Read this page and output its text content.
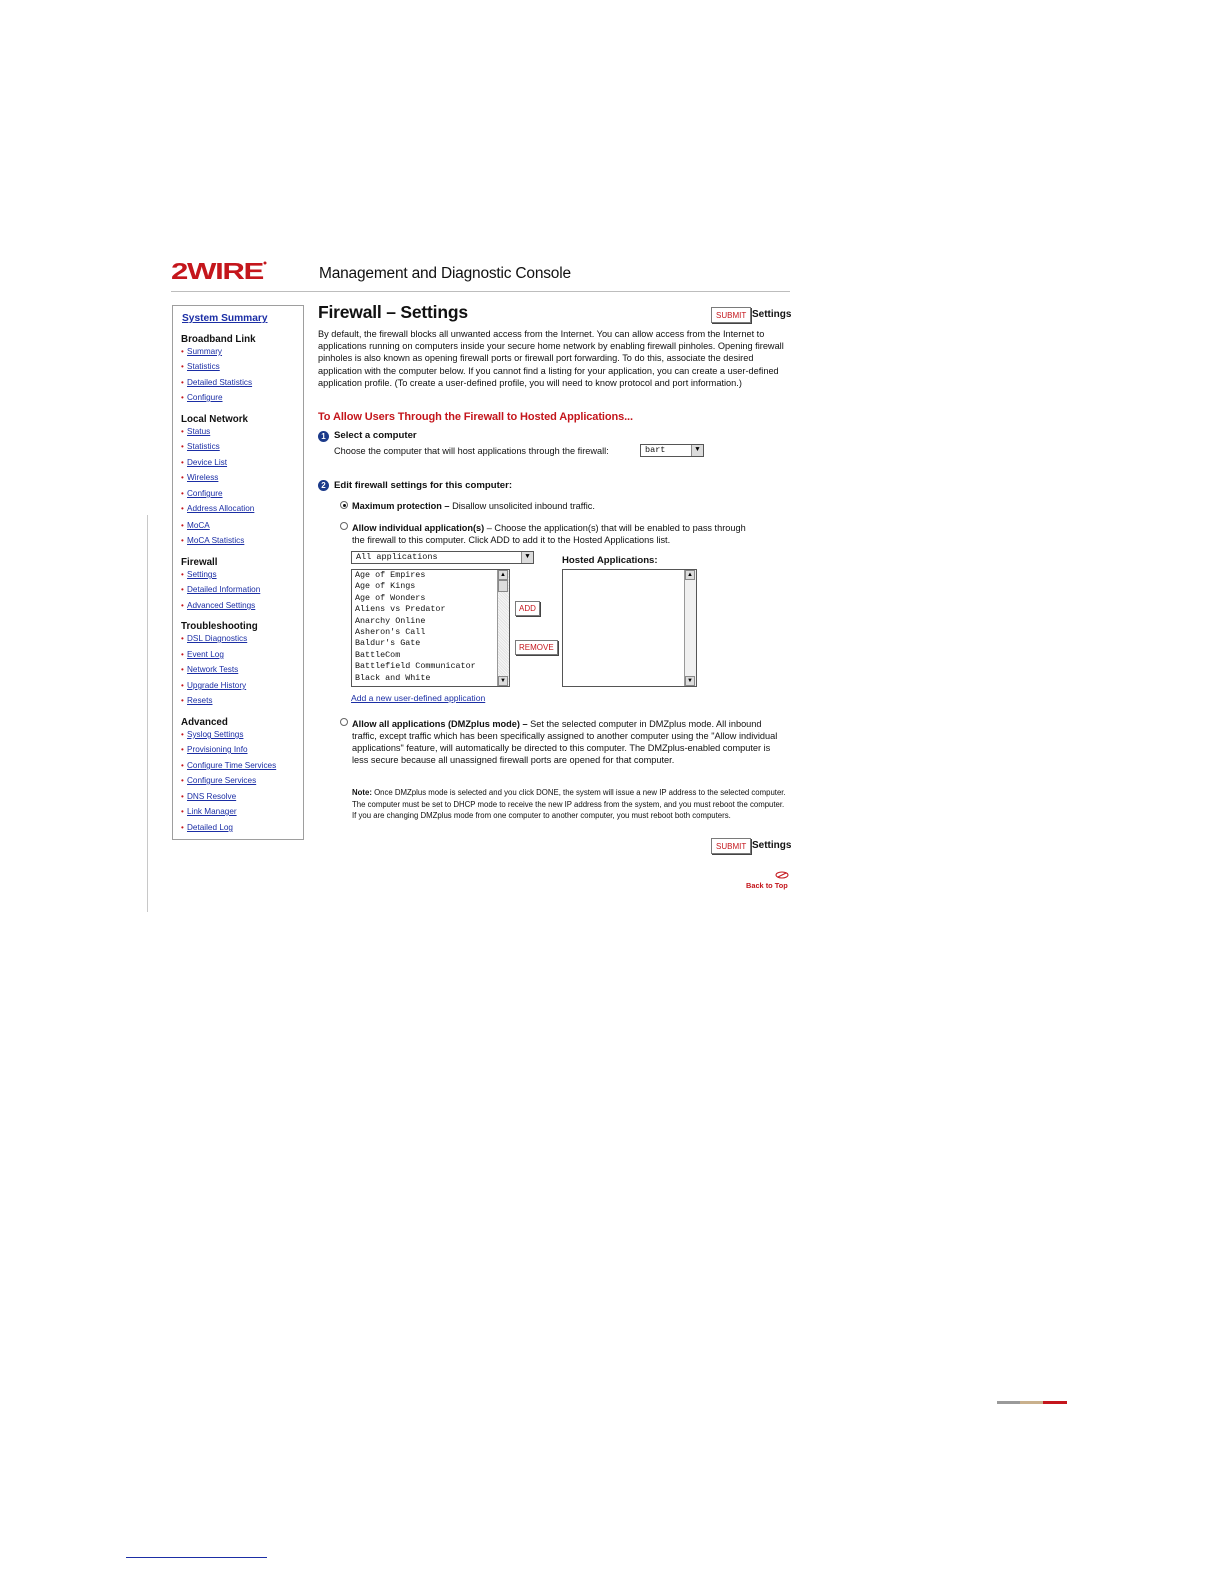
2WIRE	Management and Diagnostic Console
System Summary
Broadband Link
• Summary
• Statistics
• Detailed Statistics
• Configure
Local Network
• Status
• Statistics
• Device List
• Wireless
• Configure
• Address Allocation
• MoCA
• MoCA Statistics
Firewall
• Settings
• Detailed Information
• Advanced Settings
Troubleshooting
• DSL Diagnostics
• Event Log
• Network Tests
• Upgrade History
• Resets
Advanced
• Syslog Settings
• Provisioning Info
• Configure Time Services
• Configure Services
• DNS Resolve
• Link Manager
• Detailed Log
Firewall – Settings	SUBMIT Settings
By default, the firewall blocks all unwanted access from the Internet. You can allow access from the Internet to applications running on computers inside your secure home network by enabling firewall pinholes. Opening firewall pinholes is also known as opening firewall ports or firewall port forwarding. To do this, associate the desired application with the computer below. If you cannot find a listing for your application, you can create a user-defined application profile. (To create a user-defined profile, you will need to know protocol and port information.)
To Allow Users Through the Firewall to Hosted Applications...
1 Select a computer
Choose the computer that will host applications through the firewall:	bart	▼
2 Edit firewall settings for this computer:
Maximum protection – Disallow unsolicited inbound traffic.
Allow individual application(s) – Choose the application(s) that will be enabled to pass through
the firewall to this computer. Click ADD to add it to the Hosted Applications list.
All applications	▼
Age of Empires
Age of Kings
Age of Wonders
Aliens vs Predator
Anarchy Online
Asheron's Call
Baldur's Gate
BattleCom
Battlefield Communicator
Black and White
▲
▼
ADD
REMOVE
Hosted Applications:
▲
▼
Add a new user-defined application
Allow all applications (DMZplus mode) – Set the selected computer in DMZplus mode. All inbound traffic, except traffic which has been specifically assigned to another computer using the "Allow individual applications" feature, will automatically be directed to this computer. The DMZplus-enabled computer is less secure because all unassigned firewall ports are opened for that computer.
Note: Once DMZplus mode is selected and you click DONE, the system will issue a new IP address to the selected computer. The computer must be set to DHCP mode to receive the new IP address from the system, and you must reboot the computer. If you are changing DMZplus mode from one computer to another computer, you must reboot both computers.
SUBMIT Settings
Back to Top
